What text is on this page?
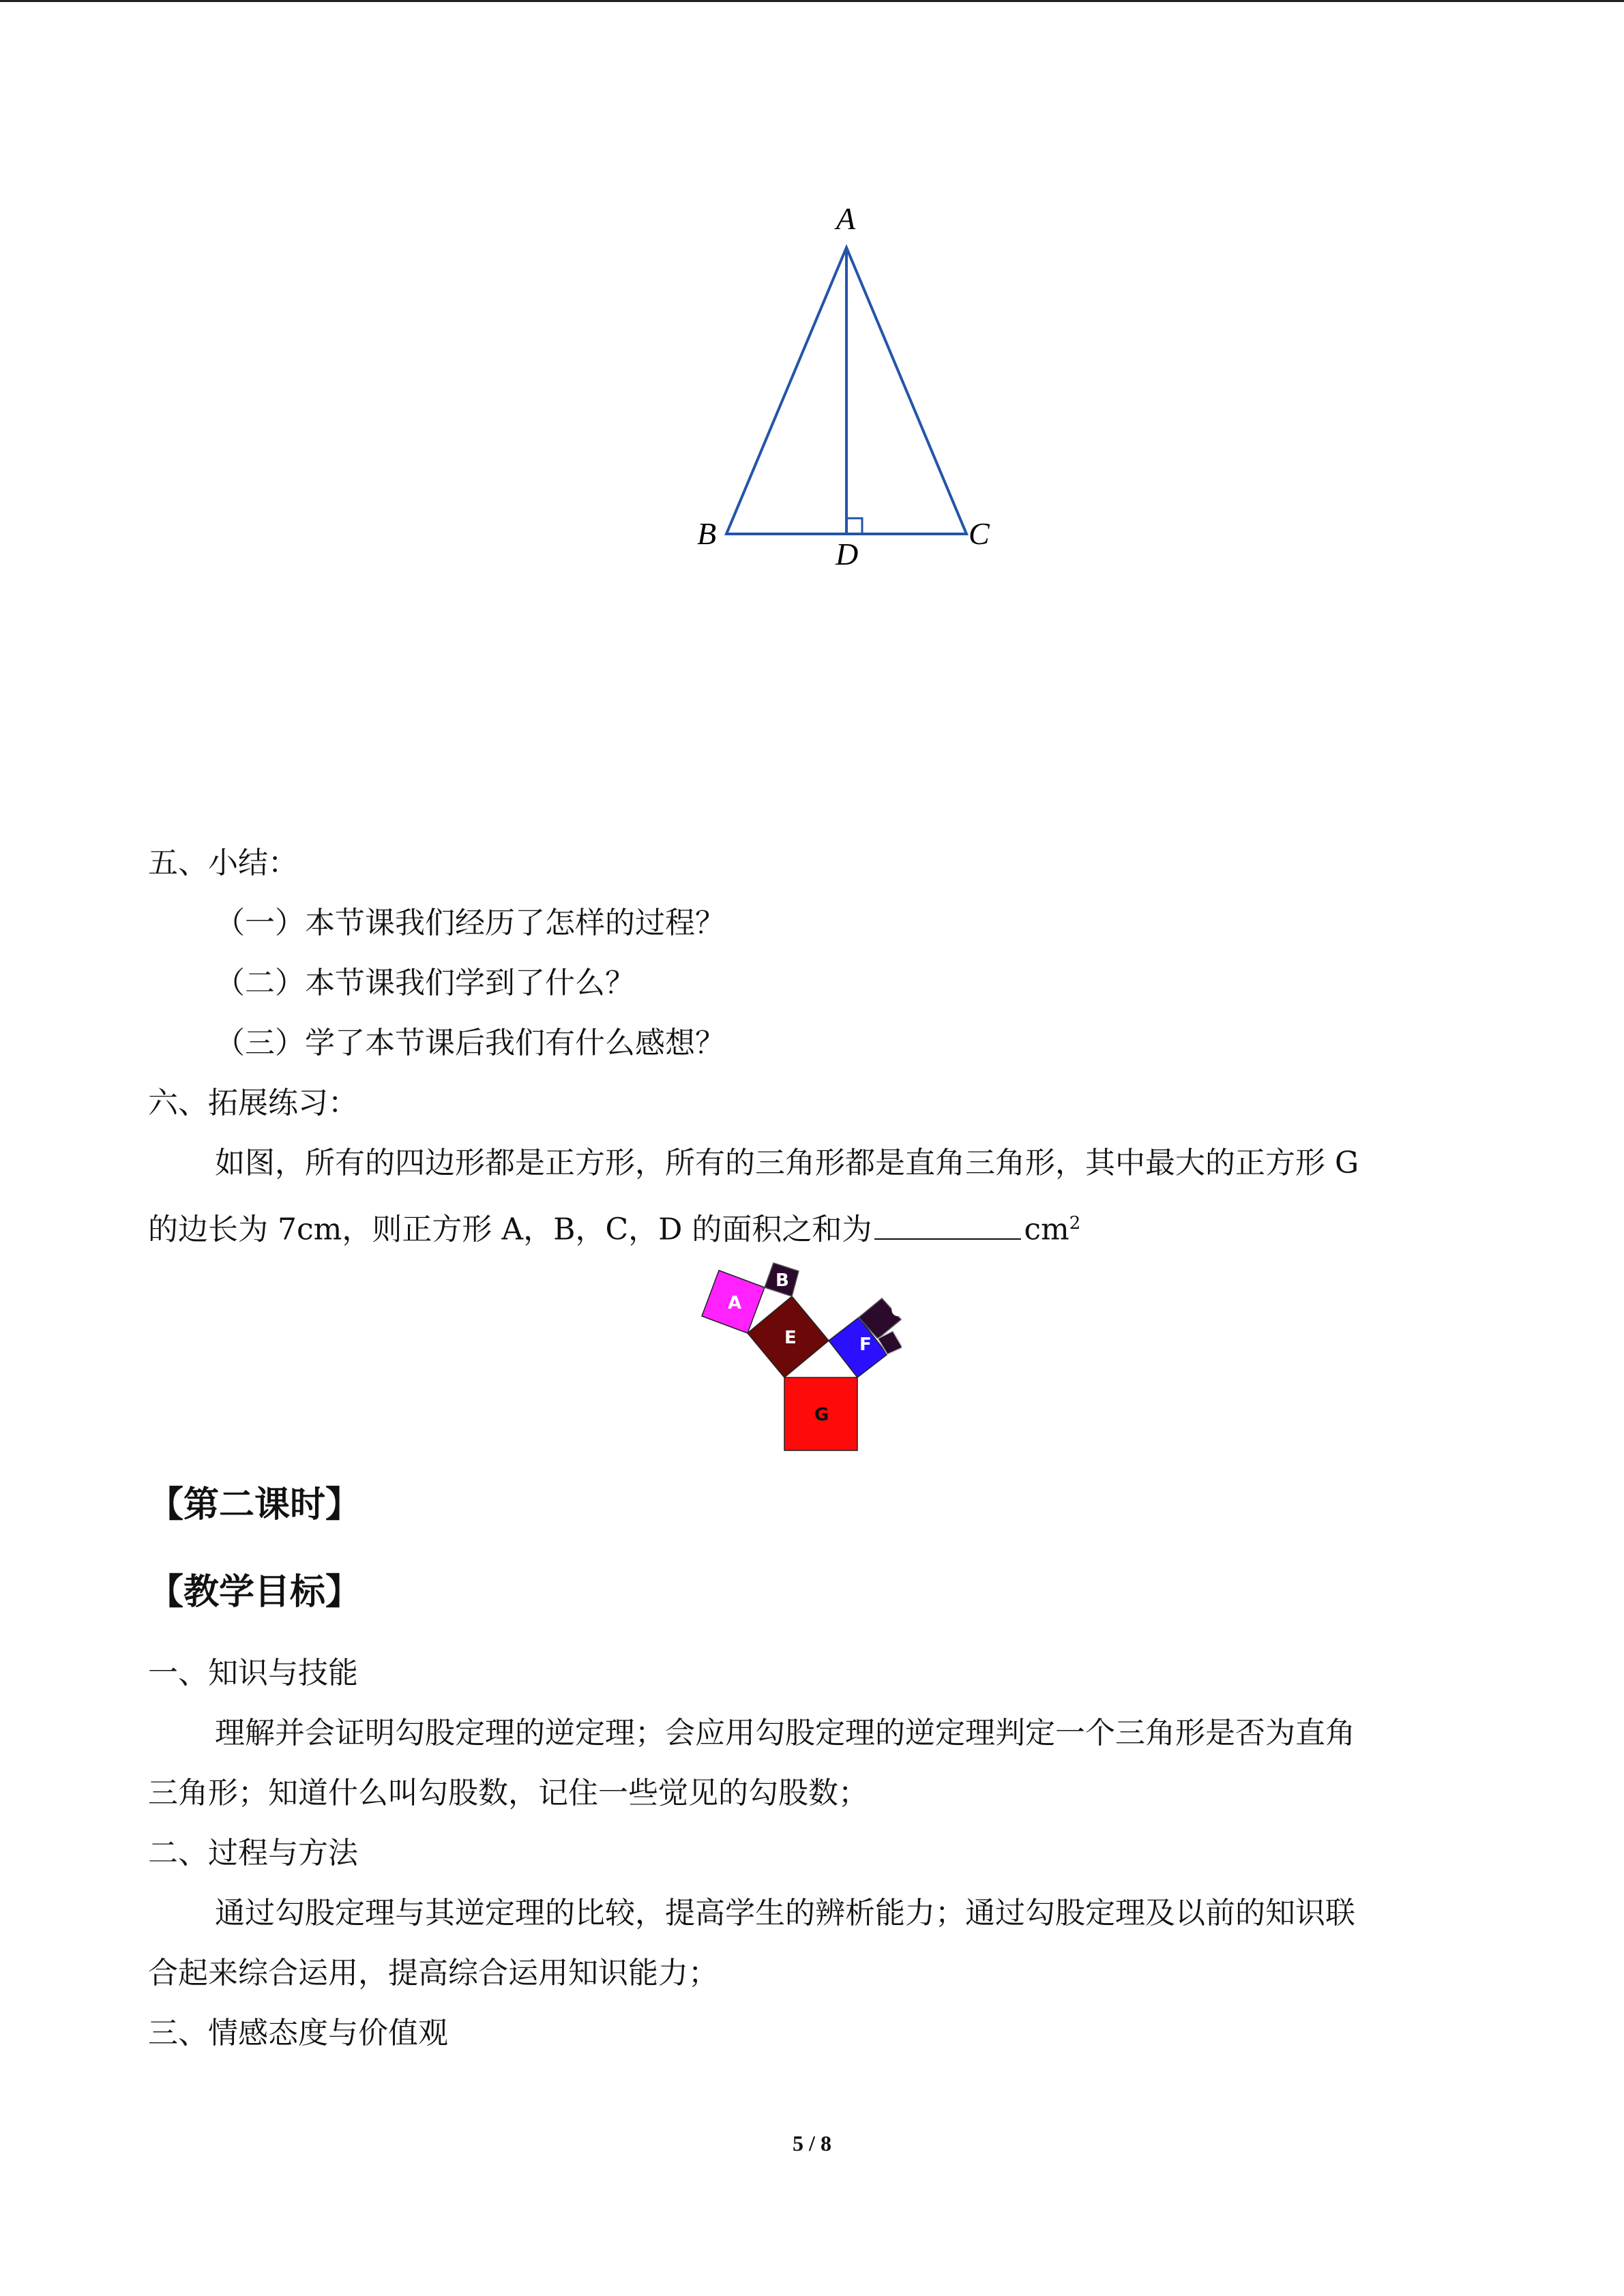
A
B	C
D
五、小结：
（一）本节课我们经历了怎样的过程？
（二）本节课我们学到了什么？
（三）学了本节课后我们有什么感想？
六、拓展练习：
如图，所有的四边形都是正方形，所有的三角形都是直角三角形，其中最大的正方形 G
的边长为 7cm，则正方形 A，B，C，D 的面积之和为	$cm^2$
A
B
C
D
E	F
G
【第二课时】
【教学目标】
一、知识与技能
理解并会证明勾股定理的逆定理；会应用勾股定理的逆定理判定一个三角形是否为直角
三角形；知道什么叫勾股数，记住一些觉见的勾股数；
二、过程与方法
通过勾股定理与其逆定理的比较，提高学生的辨析能力；通过勾股定理及以前的知识联
合起来综合运用，提高综合运用知识能力；
三、情感态度与价值观
5 / 8
